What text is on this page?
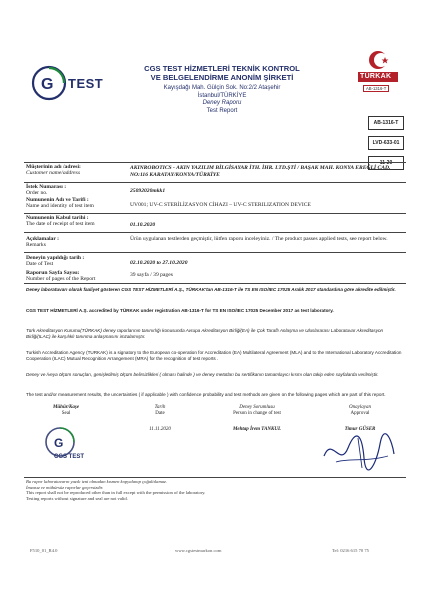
G TEST
CGS TEST HİZMETLERİ TEKNİK KONTROL
VE BELGELENDİRME ANONİM ŞİRKETİ
Kayışdağı Mah. Gülçin Sok. No:2/2 Ataşehir
İstanbul/TÜRKİYE
Deney Raporu
Test Report
TÜRKAK
AB-1316-T
AB-1316-T
LVD-633-01
11-20
Müşterinin adı /adresi:
Customer name/address
AKINROBOTICS - AKIN YAZILIM BİLGİSAYAR İTH. İHR. LTD.ŞTİ / BAŞAK MAH. KONYA EREĞLİ CAD. NO:116 KARATAY/KONYA/TÜRKİYE
İstek Numarası :
Order no.	25092020mkk1
Numunenin Adı ve Tarifi :
Name and identity of test item	UV001; UV-C STERİLİZASYON CİHAZI – UV-C STERILIZATION DEVICE
Numunenin Kabul tarihi :
The date of receipt of test item	01.10.2020
Açıklamalar :
Remarks
Ürün uygulanan testlerden geçmiştir, lütfen raporu inceleyiniz. / The product passes applied tests, see report below.
Deneyin yapıldığı tarih :
Date of Test	02.10.2020 to 27.10.2020
Raporun Sayfa Sayısı:
Number of pages of the Report
39 sayfa / 39 pages
Deney laboratuvarı olarak faaliyet gösteren CGS TEST HİZMETLERİ A.Ş., TÜRKAK'tan AB-1316-T ile TS EN ISO/IEC 17025 Aralık 2017 standardına göre akredite edilmiştir.
CGS TEST HİZMETLERİ A.Ş. accredited by TÜRKAK under registration AB-1316-T for TS EN ISO/IEC 17025 December 2017 as test laboratory.
Türk Akreditasyon Kurumu(TÜRKAK) deney raporlarının tanınırlığı konusunda Avrupa Akreditasyon Birliği(EA) ile Çok Taraflı Anlaşma ve Uluslararası Laboratuvar Akreditasyon Birliği(ILAC) ile karşılıklı tanınma anlaşmasını imzalamıştır.
Turkish Accreditation Agency (TURKAK) is a signatory to the European co-operation for Accreditation (EA) Multilateral Agreement (MLA) and to the International Laboratory Accreditation Cooperation (ILAC) Mutual Recognition Arrangement (MRA) for the recognition of test reports .
Deney ve /veya ölçüm sonuçları, genişletilmiş ölçüm belirsizlikleri ( olması halinde ) ve deney metotları bu sertifikanın tamamlayıcı kısmı olan takip eden sayfalarda verilmiştir.
The test and/or measurement results, the uncertainties ( if applicable ) with confidence probability and test methods are given on the following pages which are part of this report.
Mühür/Kaşe
Seal
G
CGS TEST
Tarih
Date
11.11.2020
Deney Sorumlusu
Person in change of test
Mehtap İrem TANKUL
Onaylayan
Approval
Timur GÜSER
Bu rapor laboratuvarın yazılı izni olmadan kısmen kopyalanıp çoğaltılamaz.
İmzasız ve mühürsüz raporlar geçersizdir.
This report shall not be reproduced other than in full except with the permission of the laboratory.
Testing reports without signature and seal are not valid.
F510_01_R4.0	www.cgstestmarkon.com	Tel: 0216 615 70 75
